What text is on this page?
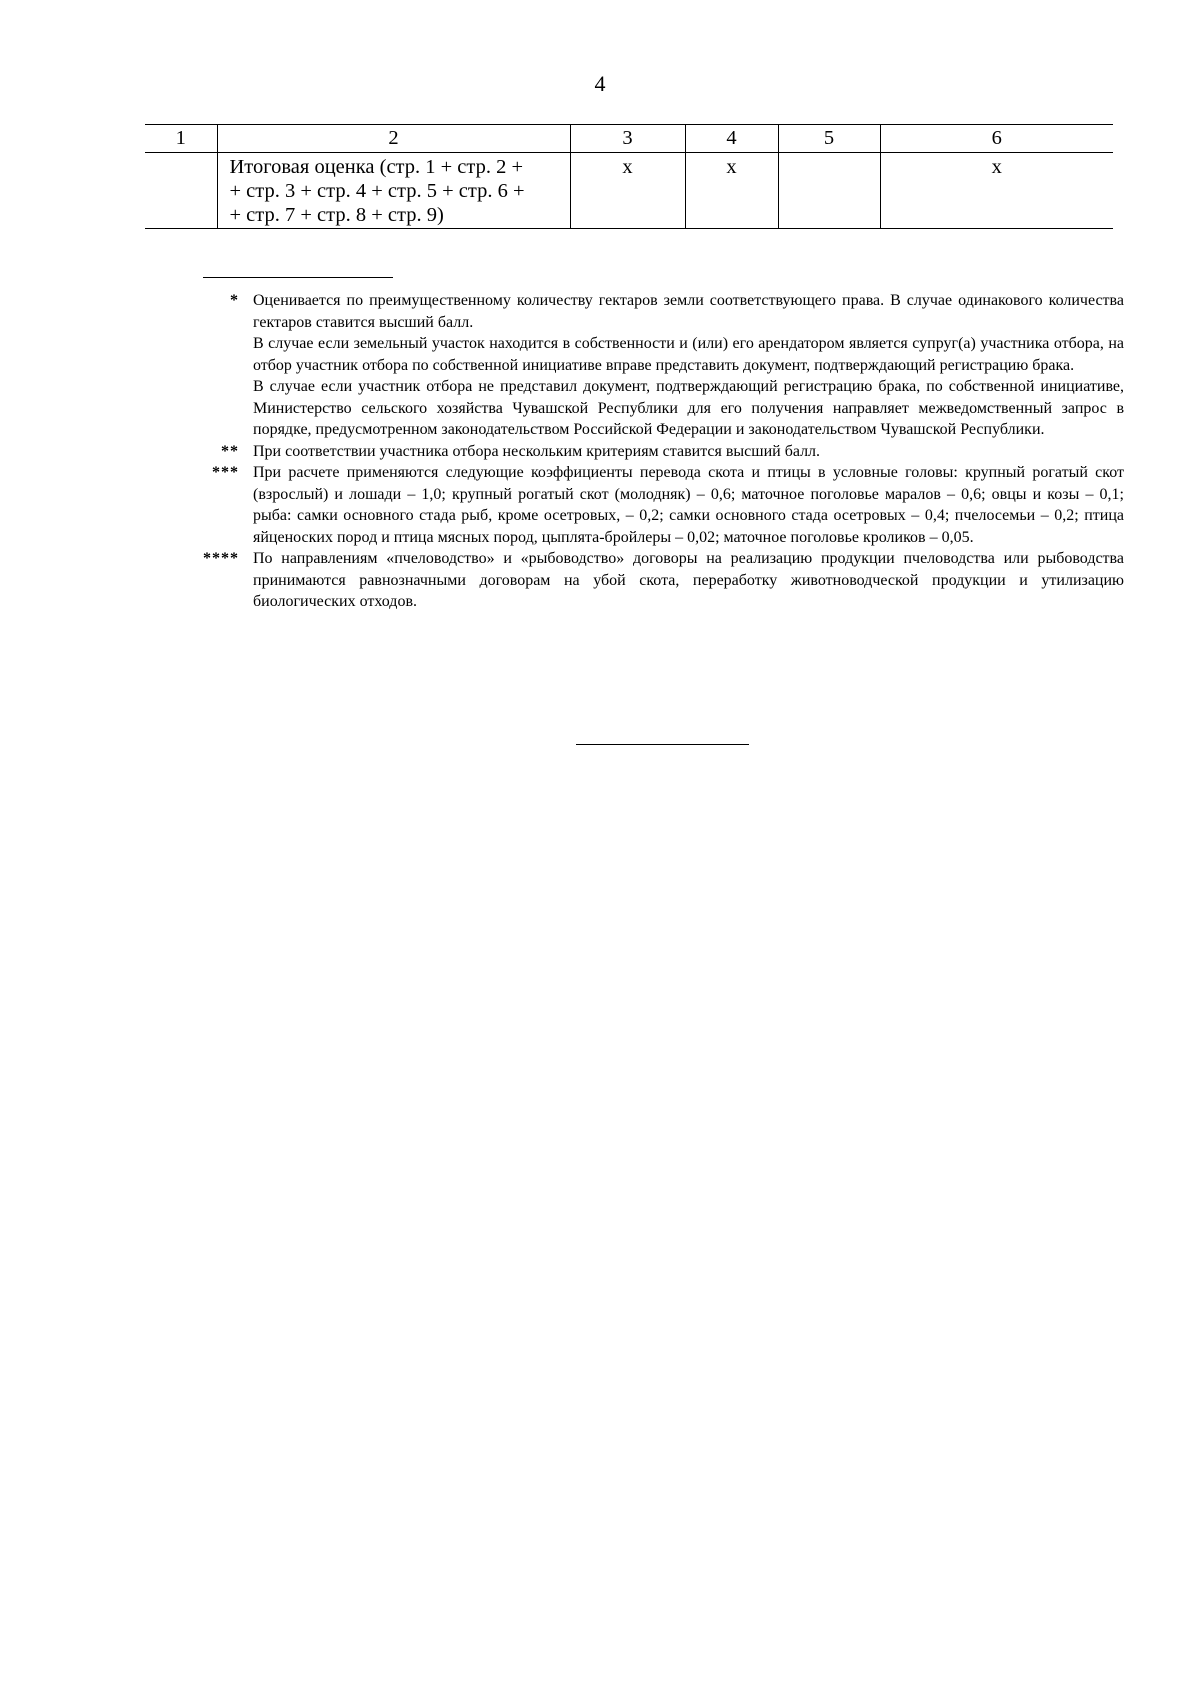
4
1	2	3	4	5	6

	Итоговая оценка (стр. 1 + стр. 2 +
+ стр. 3 + стр. 4 + стр. 5 + стр. 6 +
+ стр. 7 + стр. 8 + стр. 9)	x	x		x
* Оценивается по преимущественному количеству гектаров земли соответствующего права. В случае одинакового количества гектаров ставится высший балл.

В случае если земельный участок находится в собственности и (или) его арендатором является супруг(а) участника отбора, на отбор участник отбора по собственной инициативе вправе представить документ, подтверждающий регистрацию брака.

В случае если участник отбора не представил документ, подтверждающий регистрацию брака, по собственной инициативе, Министерство сельского хозяйства Чувашской Республики для его получения направляет межведомственный запрос в порядке, предусмотренном законодательством Российской Федерации и законодательством Чувашской Республики.

** При соответствии участника отбора нескольким критериям ставится высший балл.

*** При расчете применяются следующие коэффициенты перевода скота и птицы в условные головы: крупный рогатый скот (взрослый) и лошади – 1,0; крупный рогатый скот (молодняк) – 0,6; маточное поголовье маралов – 0,6; овцы и козы – 0,1; рыба: самки основного стада рыб, кроме осетровых, – 0,2; самки основного стада осетровых – 0,4; пчелосемьи – 0,2; птица яйценоских пород и птица мясных пород, цыплята-бройлеры – 0,02; маточное поголовье кроликов – 0,05.

**** По направлениям «пчеловодство» и «рыбоводство» договоры на реализацию продукции пчеловодства или рыбоводства принимаются равнозначными договорам на убой скота, переработку животноводческой продукции и утилизацию биологических отходов.
